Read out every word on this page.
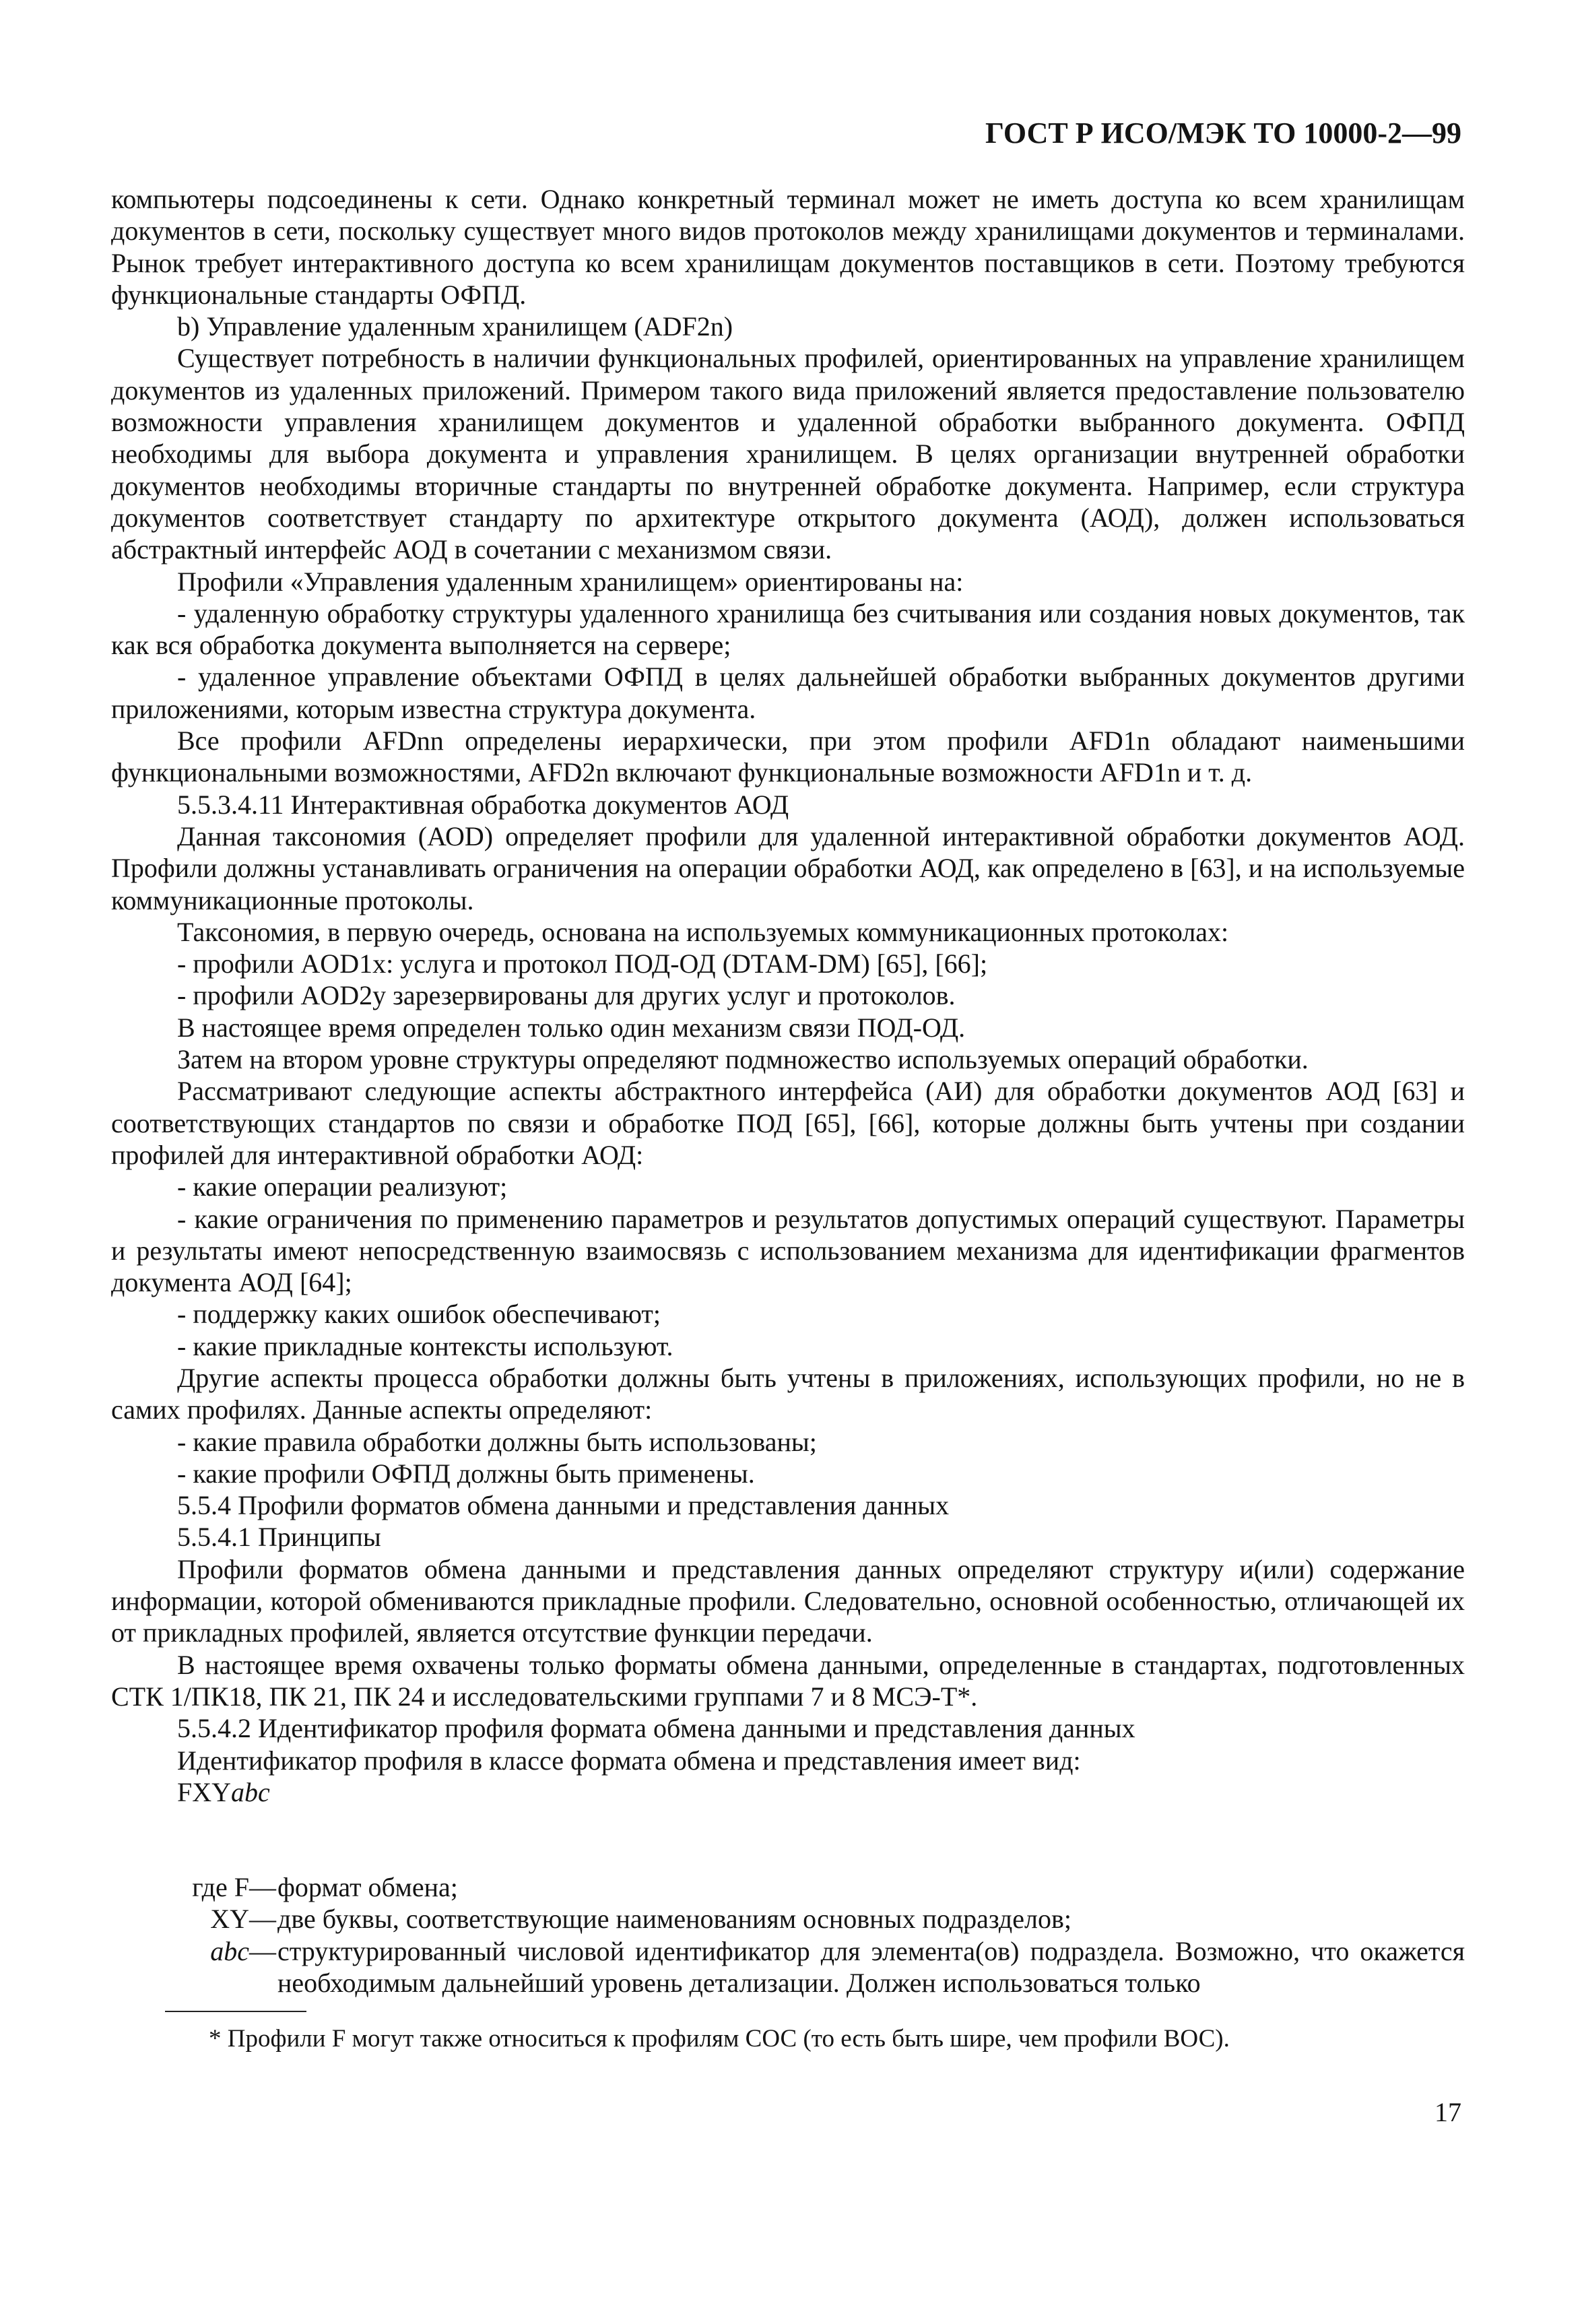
ГОСТ Р ИСО/МЭК ТО 10000-2—99

компьютеры подсоединены к сети. Однако конкретный терминал может не иметь доступа ко всем хранилищам документов в сети, поскольку существует много видов протоколов между хранилищами документов и терминалами. Рынок требует интерактивного доступа ко всем хранилищам документов поставщиков в сети. Поэтому требуются функциональные стандарты ОФПД.

b) Управление удаленным хранилищем (ADF2n)

Существует потребность в наличии функциональных профилей, ориентированных на управление хранилищем документов из удаленных приложений. Примером такого вида приложений является предоставление пользователю возможности управления хранилищем документов и удаленной обработки выбранного документа. ОФПД необходимы для выбора документа и управления хранилищем. В целях организации внутренней обработки документов необходимы вторичные стандарты по внутренней обработке документа. Например, если структура документов соответствует стандарту по архитектуре открытого документа (АОД), должен использоваться абстрактный интерфейс АОД в сочетании с механизмом связи.

Профили «Управления удаленным хранилищем» ориентированы на:

- удаленную обработку структуры удаленного хранилища без считывания или создания новых документов, так как вся обработка документа выполняется на сервере;

- удаленное управление объектами ОФПД в целях дальнейшей обработки выбранных документов другими приложениями, которым известна структура документа.

Все профили AFDnn определены иерархически, при этом профили AFD1n обладают наименьшими функциональными возможностями, AFD2n включают функциональные возможности AFD1n и т. д.

5.5.3.4.11 Интерактивная обработка документов АОД

Данная таксономия (АОD) определяет профили для удаленной интерактивной обработки документов АОД. Профили должны устанавливать ограничения на операции обработки АОД, как определено в [63], и на используемые коммуникационные протоколы.

Таксономия, в первую очередь, основана на используемых коммуникационных протоколах:

- профили AOD1x: услуга и протокол ПОД-ОД (DTAM-DM) [65], [66];

- профили AOD2y зарезервированы для других услуг и протоколов.

В настоящее время определен только один механизм связи ПОД-ОД.

Затем на втором уровне структуры определяют подмножество используемых операций обработки.

Рассматривают следующие аспекты абстрактного интерфейса (АИ) для обработки документов АОД [63] и соответствующих стандартов по связи и обработке ПОД [65], [66], которые должны быть учтены при создании профилей для интерактивной обработки АОД:

- какие операции реализуют;

- какие ограничения по применению параметров и результатов допустимых операций существуют. Параметры и результаты имеют непосредственную взаимосвязь с использованием механизма для идентификации фрагментов документа АОД [64];

- поддержку каких ошибок обеспечивают;

- какие прикладные контексты используют.

Другие аспекты процесса обработки должны быть учтены в приложениях, использующих профили, но не в самих профилях. Данные аспекты определяют:

- какие правила обработки должны быть использованы;

- какие профили ОФПД должны быть применены.

5.5.4 Профили форматов обмена данными и представления данных

5.5.4.1 Принципы

Профили форматов обмена данными и представления данных определяют структуру и(или) содержание информации, которой обмениваются прикладные профили. Следовательно, основной особенностью, отличающей их от прикладных профилей, является отсутствие функции передачи.

В настоящее время охвачены только форматы обмена данными, определенные в стандартах, подготовленных СТК 1/ПК18, ПК 21, ПК 24 и исследовательскими группами 7 и 8 МСЭ-Т*.

5.5.4.2 Идентификатор профиля формата обмена данными и представления данных

Идентификатор профиля в классе формата обмена и представления имеет вид:

FXYabc

где F — формат обмена;
XY — две буквы, соответствующие наименованиям основных подразделов;
abc — структурированный числовой идентификатор для элемента(ов) подраздела. Возможно, что окажется необходимым дальнейший уровень детализации. Должен использоваться только
* Профили F могут также относиться к профилям СОС (то есть быть шире, чем профили ВОС).
17
